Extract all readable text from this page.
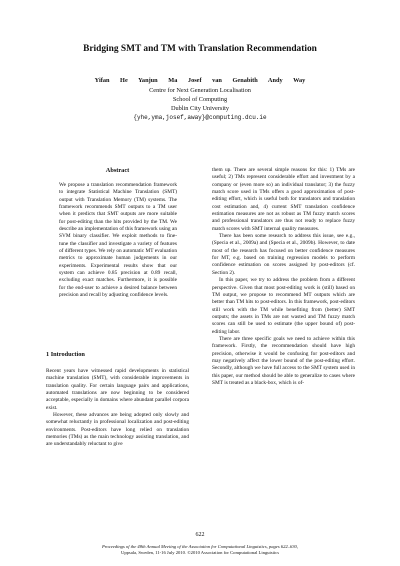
Bridging SMT and TM with Translation Recommendation
Yifan He Yanjun Ma Josef van Genabith Andy Way
Centre for Next Generation Localisation
School of Computing
Dublin City University
{yhe,yma,josef,away}@computing.dcu.ie
Abstract

We propose a translation recommendation framework to integrate Statistical Machine Translation (SMT) output with Translation Memory (TM) systems. The framework recommends SMT outputs to a TM user when it predicts that SMT outputs are more suitable for post-editing than the hits provided by the TM. We describe an implementation of this framework using an SVM binary classifier. We exploit methods to fine-tune the classifier and investigate a variety of features of different types. We rely on automatic MT evaluation metrics to approximate human judgements in our experiments. Experimental results show that our system can achieve 0.85 precision at 0.89 recall, excluding exact matches. Furthermore, it is possible for the end-user to achieve a desired balance between precision and recall by adjusting confidence levels.

1 Introduction

Recent years have witnessed rapid developments in statistical machine translation (SMT), with considerable improvements in translation quality. For certain language pairs and applications, automated translations are now beginning to be considered acceptable, especially in domains where abundant parallel corpora exist.

However, these advances are being adopted only slowly and somewhat reluctantly in professional localization and post-editing environments. Post-editors have long relied on translation memories (TMs) as the main technology assisting translation, and are understandably reluctant to give

them up. There are several simple reasons for this: 1) TMs are useful; 2) TMs represent considerable effort and investment by a company or (even more so) an individual translator; 3) the fuzzy match score used in TMs offers a good approximation of post-editing effort, which is useful both for translators and translation cost estimation and, 4) current SMT translation confidence estimation measures are not as robust as TM fuzzy match scores and professional translators are thus not ready to replace fuzzy match scores with SMT internal quality measures.

There has been some research to address this issue, see e.g., (Specia et al., 2009a) and (Specia et al., 2009b). However, to date most of the research has focused on better confidence measures for MT, e.g. based on training regression models to perform confidence estimation on scores assigned by post-editors (cf. Section 2).

In this paper, we try to address the problem from a different perspective. Given that most post-editing work is (still) based on TM output, we propose to recommend MT outputs which are better than TM hits to post-editors. In this framework, post-editors still work with the TM while benefiting from (better) SMT outputs; the assets in TMs are not wasted and TM fuzzy match scores can still be used to estimate (the upper bound of) post-editing labor.

There are three specific goals we need to achieve within this framework. Firstly, the recommendation should have high precision, otherwise it would be confusing for post-editors and may negatively affect the lower bound of the post-editing effort. Secondly, although we have full access to the SMT system used in this paper, our method should be able to generalize to cases where SMT is treated as a black-box, which is of-

622
Proceedings of the 48th Annual Meeting of the Association for Computational Linguistics, pages 622–630,
Uppsala, Sweden, 11-16 July 2010. ©2010 Association for Computational Linguistics
